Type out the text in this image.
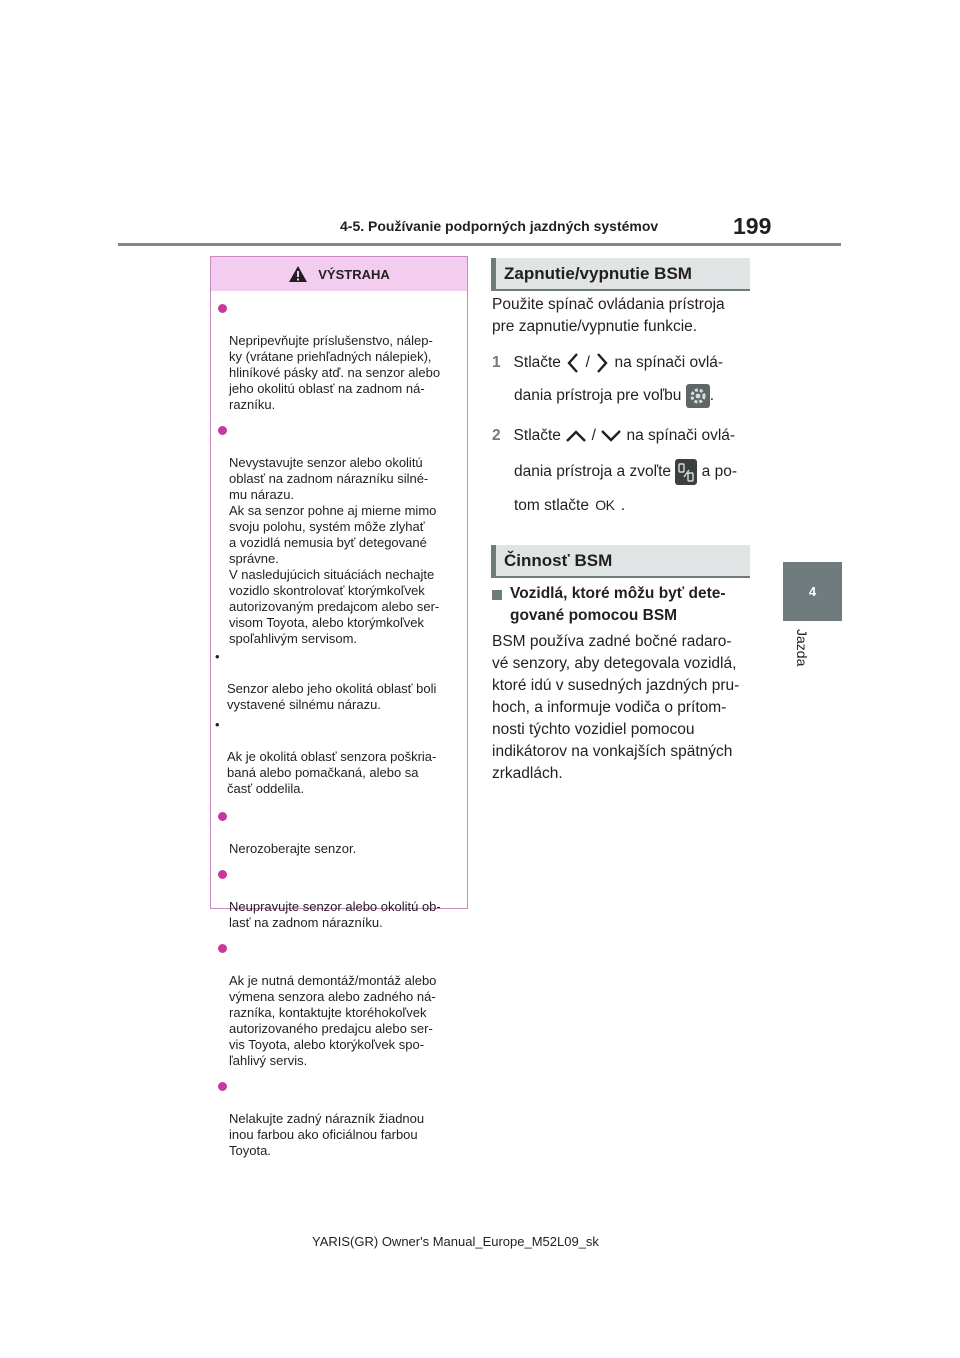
4-5. Používanie podporných jazdných systémov	199
4
Jazda
VÝSTRAHA

Nepripevňujte príslušenstvo, nálep-
ky (vrátane priehľadných nálepiek),
hliníkové pásky atď. na senzor alebo
jeho okolitú oblasť na zadnom ná-
razníku.

Nevystavujte senzor alebo okolitú
oblasť na zadnom nárazníku silné-
mu nárazu.
Ak sa senzor pohne aj mierne mimo
svoju polohu, systém môže zlyhať
a vozidlá nemusia byť detegované
správne.
V nasledujúcich situáciách nechajte
vozidlo skontrolovať ktorýmkoľvek
autorizovaným predajcom alebo ser-
visom Toyota, alebo ktorýmkoľvek
spoľahlivým servisom.

•

Senzor alebo jeho okolitá oblasť boli
vystavené silnému nárazu.

•

Ak je okolitá oblasť senzora poškria-
baná alebo pomačkaná, alebo sa
časť oddelila.

Nerozoberajte senzor.

Neupravujte senzor alebo okolitú ob-
lasť na zadnom nárazníku.

Ak je nutná demontáž/montáž alebo
výmena senzora alebo zadného ná-
razníka, kontaktujte ktoréhokoľvek
autorizovaného predajcu alebo ser-
vis Toyota, alebo ktorýkoľvek spo-
ľahlivý servis.

Nelakujte zadný nárazník žiadnou
inou farbou ako oficiálnou farbou
Toyota.

Zapnutie/vypnutie BSM
Použite spínač ovládania prístroja
pre zapnutie/vypnutie funkcie.
1 Stlačte / na spínači ovlá-
dania prístroja pre voľbu .
2 Stlačte / na spínači ovlá-
dania prístroja a zvoľte a po-
tom stlačte OK .
Činnosť BSM
Vozidlá, ktoré môžu byť dete-
gované pomocou BSM
BSM používa zadné bočné radaro-
vé senzory, aby detegovala vozidlá,
ktoré idú v susedných jazdných pru-
hoch, a informuje vodiča o prítom-
nosti týchto vozidiel pomocou
indikátorov na vonkajších spätných
zrkadlách.
YARIS(GR) Owner's Manual_Europe_M52L09_sk
